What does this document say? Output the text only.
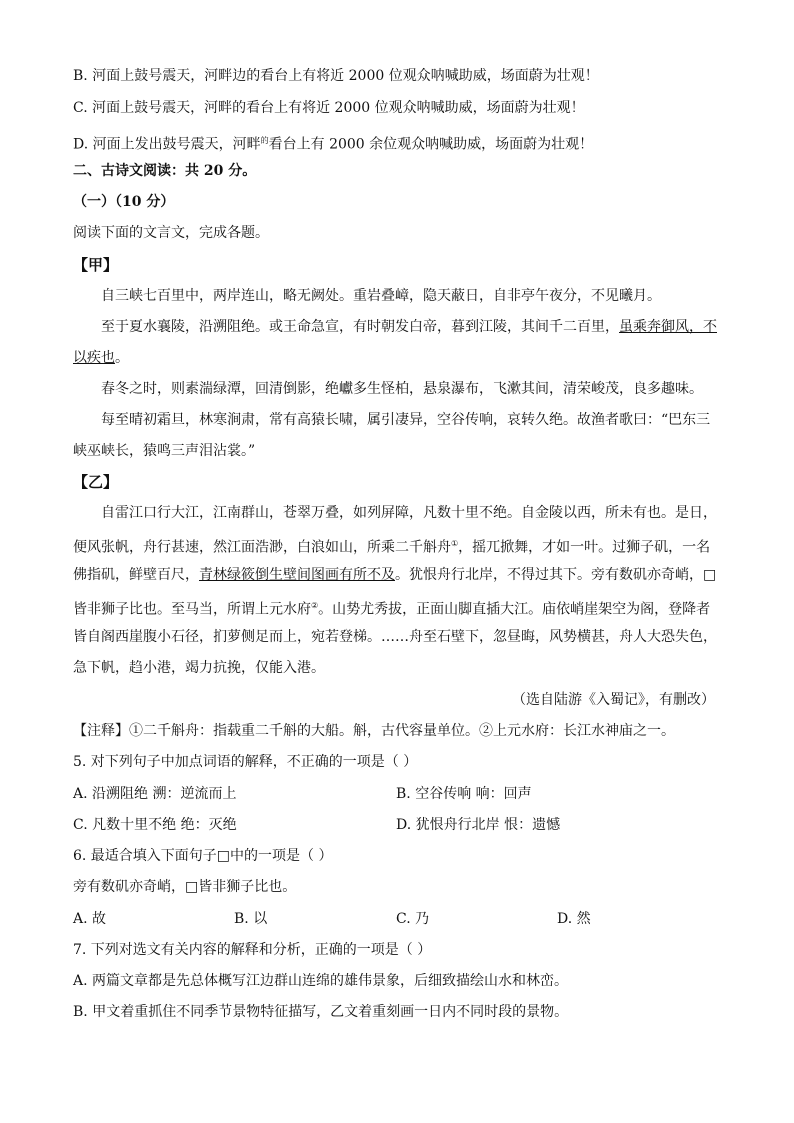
B. 河面上鼓号震天，河畔边的看台上有将近 2000 位观众呐喊助威，场面蔚为壮观！
C. 河面上鼓号震天，河畔的看台上有将近 2000 位观众呐喊助威，场面蔚为壮观！
D. 河面上发出鼓号震天，河畔$^的$看台上有 2000 余位观众呐喊助威，场面蔚为壮观！
二、古诗文阅读：共 20 分。
（一）（10 分）
阅读下面的文言文，完成各题。
【甲】
自三峡七百里中，两岸连山，略无阙处。重岩叠嶂，隐天蔽日，自非亭午夜分，不见曦月。
至于夏水襄陵，沿溯阻绝。或王命急宣，有时朝发白帝，暮到江陵，其间千二百里，虽乘奔御风，不
以疾也。
春冬之时，则素湍绿潭，回清倒影，绝巘多生怪柏，悬泉瀑布，飞漱其间，清荣峻茂，良多趣味。
每至晴初霜旦，林寒涧肃，常有高猿长啸，属引凄异，空谷传响，哀转久绝。故渔者歌曰：“巴东三
峡巫峡长，猿鸣三声泪沾裳。”
【乙】
自雷江口行大江，江南群山，苍翠万叠，如列屏障，凡数十里不绝。自金陵以西，所未有也。是日，
便风张帆，舟行甚速，然江面浩渺，白浪如山，所乘二千斛舟①，摇兀掀舞，才如一叶。过狮子矶，一名
佛指矶，鲜壁百尺，青林绿筱倒生壁间图画有所不及。犹恨舟行北岸，不得过其下。旁有数矶亦奇峭，□
皆非狮子比也。至马当，所谓上元水府②。山势尤秀拔，正面山脚直插大江。庙依峭崖架空为阁，登降者
皆自阁西崖腹小石径，扪萝侧足而上，宛若登梯。……舟至石壁下，忽昼晦，风势横甚，舟人大恐失色，
急下帆，趋小港，竭力抗挽，仅能入港。
（选自陆游《入蜀记》，有删改）
【注释】①二千斛舟：指载重二千斛的大船。斛，古代容量单位。②上元水府：长江水神庙之一。
5. 对下列句子中加点词语的解释，不正确的一项是（ ）
A. 沿溯阻绝 溯：逆流而上	B. 空谷传响 响：回声
C. 凡数十里不绝 绝：灭绝	D. 犹恨舟行北岸 恨：遗憾
6. 最适合填入下面句子□中的一项是（ ）
旁有数矶亦奇峭，□皆非狮子比也。
A. 故	B. 以	C. 乃	D. 然
7. 下列对选文有关内容的解释和分析，正确的一项是（ ）
A. 两篇文章都是先总体概写江边群山连绵的雄伟景象，后细致描绘山水和林峦。
B. 甲文着重抓住不同季节景物特征描写，乙文着重刻画一日内不同时段的景物。
